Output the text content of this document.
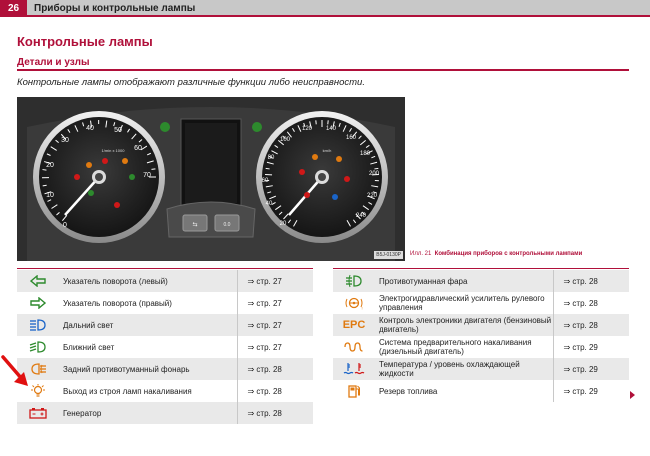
26	Приборы и контрольные лампы
Контрольные лампы
Детали и узлы
Контрольные лампы отображают различные функции либо неисправности.
0
10
20
30
40	50
60
70
1/min x 1000
20
40
60
80
100
120 140
160
180
200
220
240
km/h
⇆	0.0
B5J-0130P	Илл. 21 Комбинация приборов с контрольными лампами
	Указатель поворота (левый)	⇒ стр. 27

	Указатель поворота (правый)	⇒ стр. 27

	Дальний свет	⇒ стр. 27

	Ближний свет	⇒ стр. 27

	Задний противотуманный фонарь	⇒ стр. 28

	Выход из строя ламп накаливания	⇒ стр. 28

	Генератор	⇒ стр. 28
	Противотуманная фара	⇒ стр. 28

!	Электрогидравлический усилитель рулевого управления	⇒ стр. 28
EPC	Контроль электроники двигателя (бензиновый двигатель)	⇒ стр. 28

	Система предварительного накаливания (дизельный двигатель)	⇒ стр. 29

	Температура / уровень охлаждающей жидкости	⇒ стр. 29

	Резерв топлива	⇒ стр. 29
